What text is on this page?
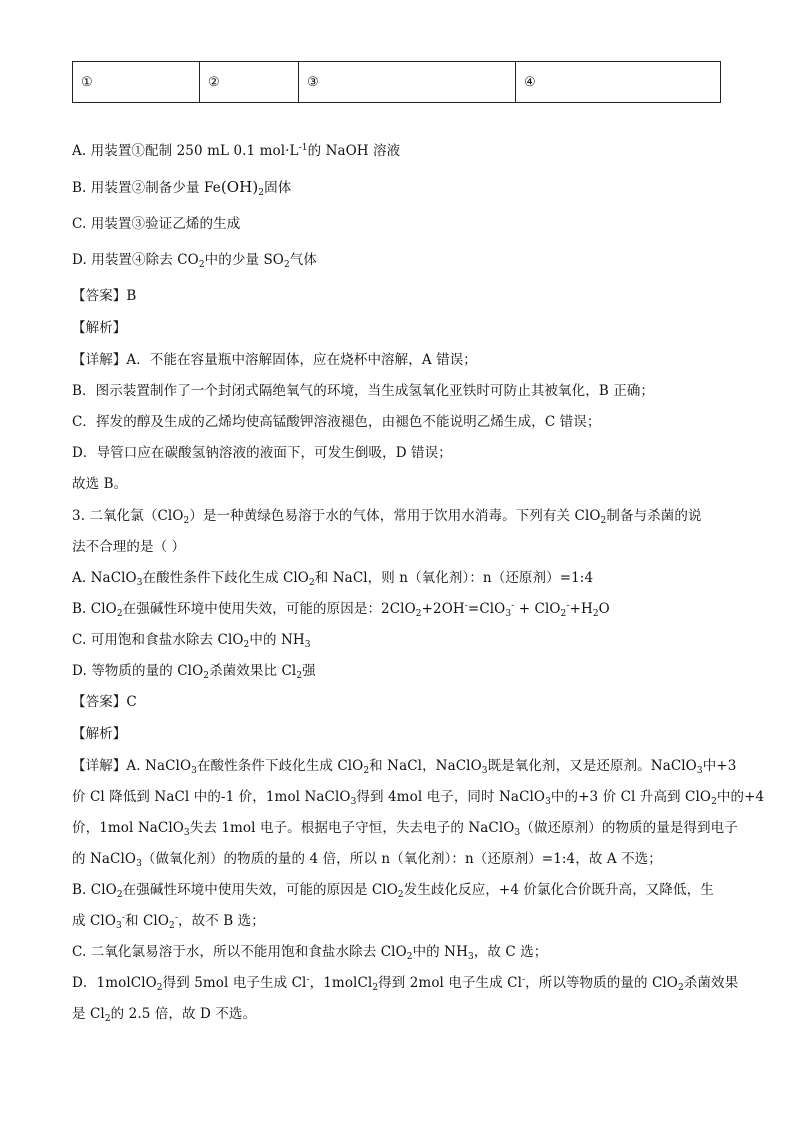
①	②	③	④
A. 用装置①配制 250 mL 0.1 $mol\cdot L^{-1}$的 NaOH 溶液
B. 用装置②制备少量 $Fe(OH)_2$固体
C. 用装置③验证乙烯的生成
D. 用装置④除去 $CO_2$中的少量 $SO_2$气体
【答案】B
【解析】
【详解】A．不能在容量瓶中溶解固体，应在烧杯中溶解，A 错误；
B．图示装置制作了一个封闭式隔绝氧气的环境，当生成氢氧化亚铁时可防止其被氧化，B 正确；
C．挥发的醇及生成的乙烯均使高锰酸钾溶液褪色，由褪色不能说明乙烯生成，C 错误；
D．导管口应在碳酸氢钠溶液的液面下，可发生倒吸，D 错误；
故选 B。
3. 二氧化氯（ClO$_2$）是一种黄绿色易溶于水的气体，常用于饮用水消毒。下列有关 ClO$_2$制备与杀菌的说
法不合理的是（ ）
A. NaClO$_3$在酸性条件下歧化生成 ClO$_2$和 NaCl，则 n（氧化剂）：n（还原剂）=1:4
B. ClO$_2$在强碱性环境中使用失效，可能的原因是：$2ClO_2+2OH^-=ClO_3^- + ClO_2^-+H_2O$
C. 可用饱和食盐水除去 ClO$_2$中的 $NH_3$
D. 等物质的量的 ClO$_2$杀菌效果比 $Cl_2$强
【答案】C
【解析】
【详解】A. NaClO$_3$在酸性条件下歧化生成 ClO$_2$和 NaCl，NaClO$_3$既是氧化剂，又是还原剂。NaClO$_3$中+3
价 Cl 降低到 NaCl 中的-1 价，1mol NaClO$_3$得到 4mol 电子，同时 NaClO$_3$中的+3 价 Cl 升高到 ClO$_2$中的+4
价，1mol NaClO$_3$失去 1mol 电子。根据电子守恒，失去电子的 NaClO$_3$（做还原剂）的物质的量是得到电子
的 NaClO$_3$（做氧化剂）的物质的量的 4 倍，所以 n（氧化剂）：n（还原剂）=1:4，故 A 不选；
B. ClO$_2$在强碱性环境中使用失效，可能的原因是 ClO$_2$发生歧化反应，+4 价氯化合价既升高，又降低，生
成 ClO$_3$-和 ClO$_2$-，故不 B 选；
C. 二氧化氯易溶于水，所以不能用饱和食盐水除去 ClO$_2$中的 $NH_3$，故 C 选；
D．1molClO$_2$得到 5mol 电子生成 Cl-，1molCl$_2$得到 2mol 电子生成 Cl-，所以等物质的量的 ClO$_2$杀菌效果
是 $Cl_2$的 2.5 倍，故 D 不选。
